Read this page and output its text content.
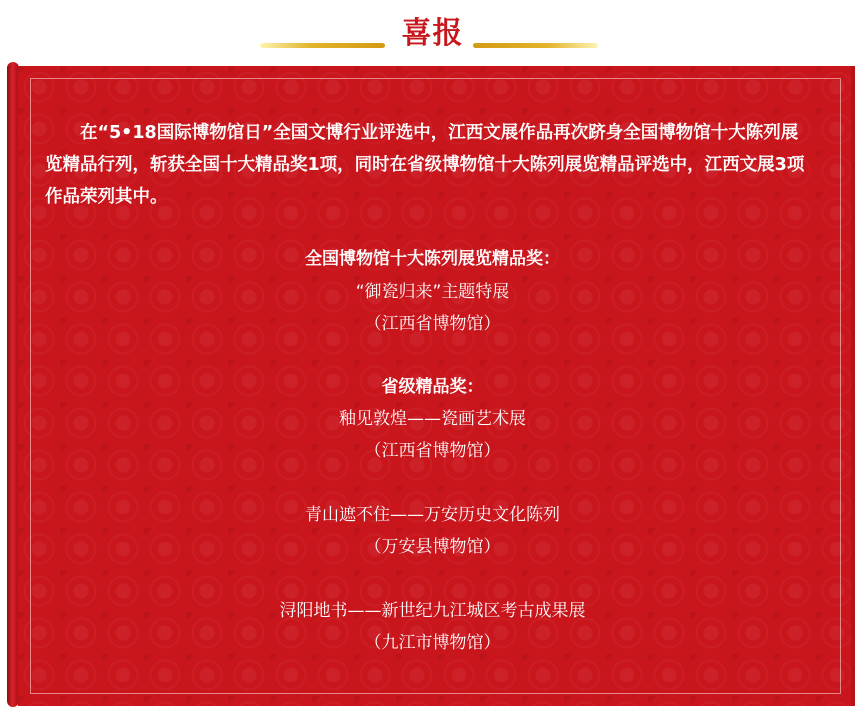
喜报

在“5•18国际博物馆日”全国文博行业评选中，江西文展作品再次跻身全国博物馆十大陈列展览精品行列，斩获全国十大精品奖1项，同时在省级博物馆十大陈列展览精品评选中，江西文展3项作品荣列其中。

全国博物馆十大陈列展览精品奖：
“御瓷归来”主题特展
（江西省博物馆）
省级精品奖：
釉见敦煌——瓷画艺术展
（江西省博物馆）
青山遮不住——万安历史文化陈列
（万安县博物馆）
浔阳地书——新世纪九江城区考古成果展
（九江市博物馆）
